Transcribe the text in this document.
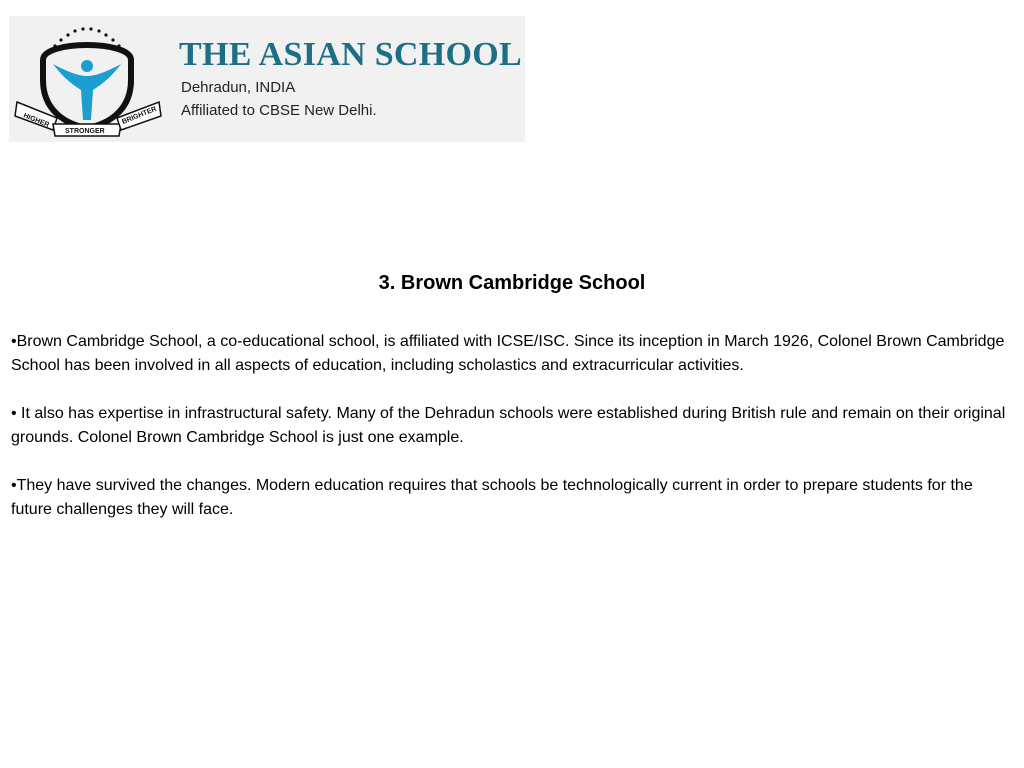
HIGHER
STRONGER
BRIGHTER
THE ASIAN SCHOOL
Dehradun, INDIA
Affiliated to CBSE New Delhi.
3. Brown Cambridge School

•Brown Cambridge School, a co-educational school, is affiliated with ICSE/ISC. Since its inception in March 1926, Colonel Brown Cambridge School has been involved in all aspects of education, including scholastics and extracurricular activities.

• It also has expertise in infrastructural safety. Many of the Dehradun schools were established during British rule and remain on their original grounds. Colonel Brown Cambridge School is just one example.

•They have survived the changes. Modern education requires that schools be technologically current in order to prepare students for the future challenges they will face.
